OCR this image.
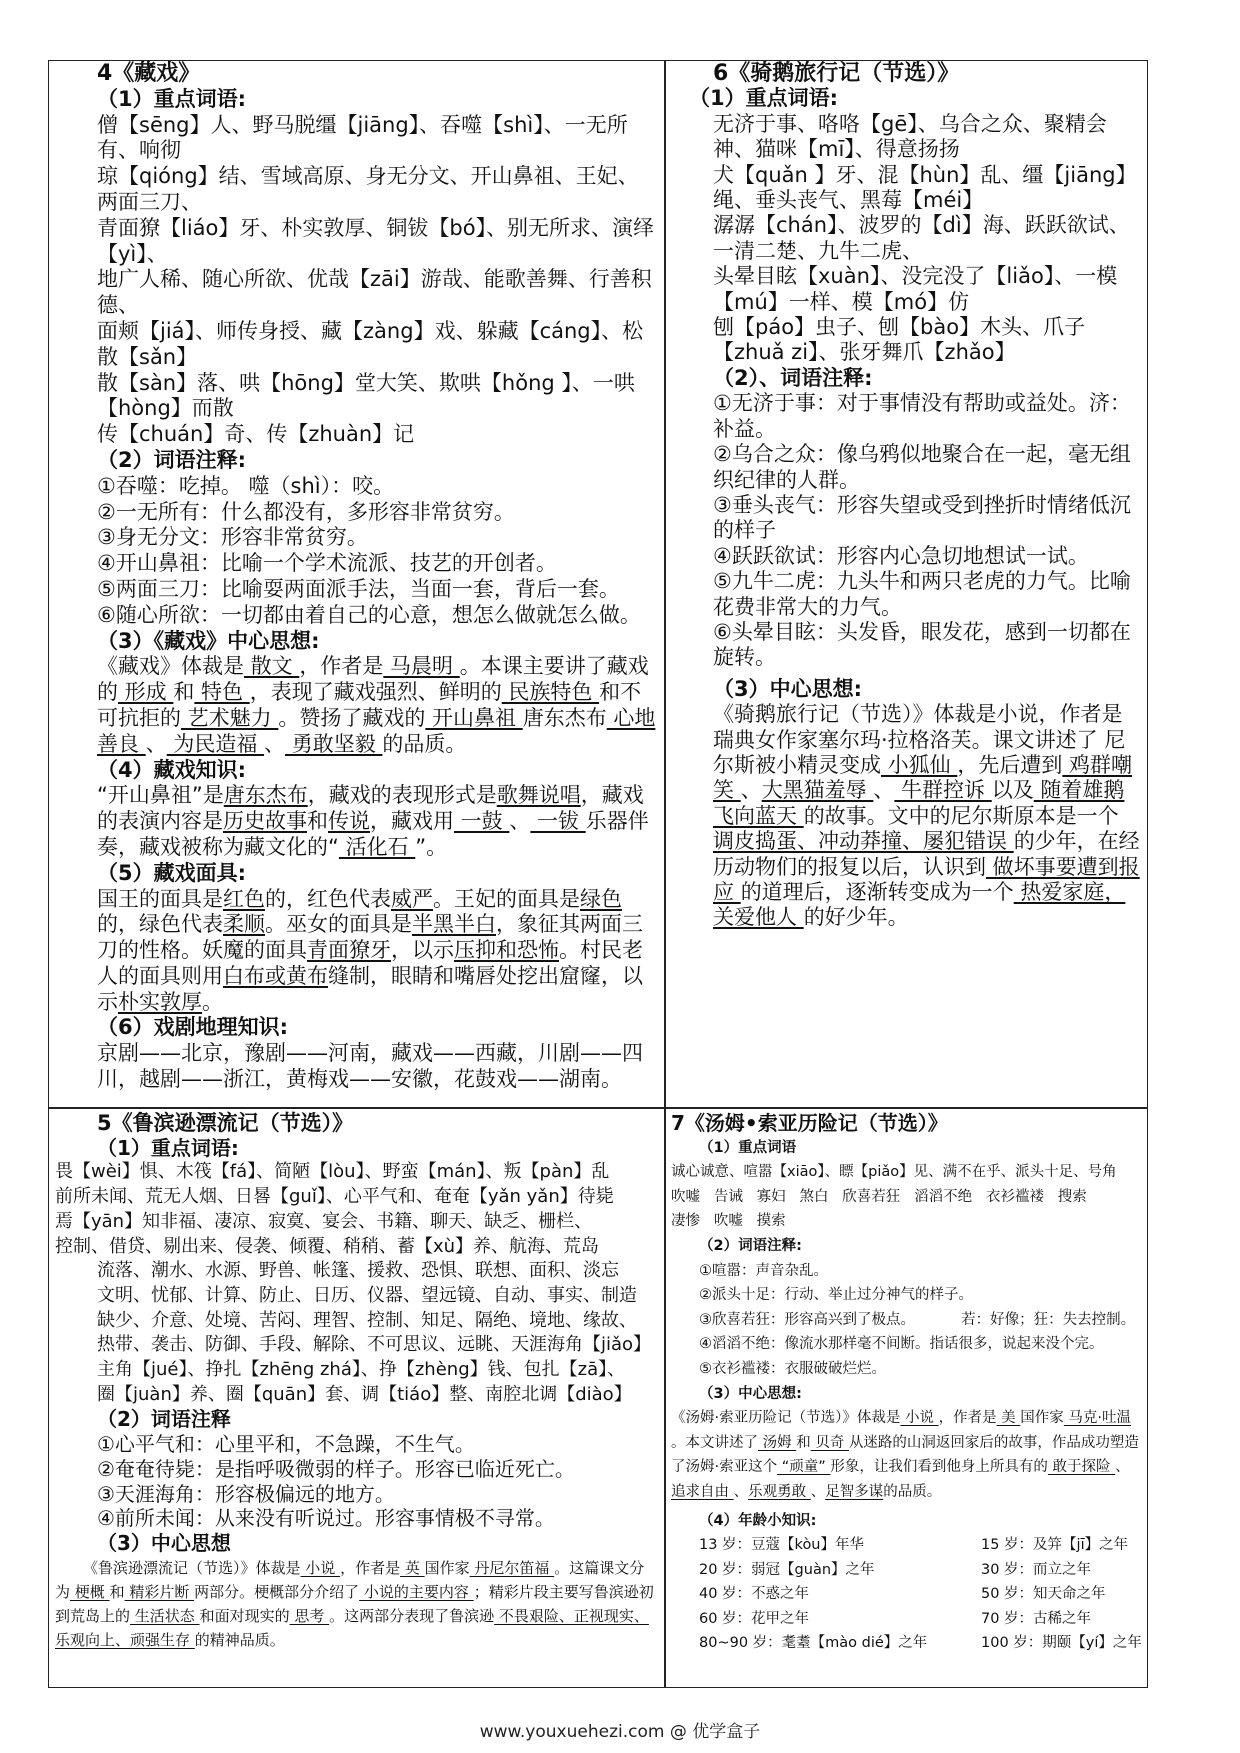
4《藏戏》

（1）重点词语:

僧【sēng】人、野马脱缰【jiāng】、吞噬【shì】、一无所有、响彻

琼【qióng】结、雪域高原、身无分文、开山鼻祖、王妃、两面三刀、

青面獠【liáo】牙、朴实敦厚、铜钹【bó】、别无所求、演绎【yì】、

地广人稀、随心所欲、优哉【zāi】游哉、能歌善舞、行善积德、

面颊【jiá】、师传身授、藏【zàng】戏、躲藏【cáng】、松散【sǎn】

散【sàn】落、哄【hōng】堂大笑、欺哄【hǒng 】、一哄【hòng】而散

传【chuán】奇、传【zhuàn】记

（2）词语注释:

①吞噬：吃掉。 噬（shì）：咬。

②一无所有：什么都没有，多形容非常贫穷。

③身无分文：形容非常贫穷。

④开山鼻祖：比喻一个学术流派、技艺的开创者。

⑤两面三刀：比喻耍两面派手法，当面一套，背后一套。

⑥随心所欲：一切都由着自己的心意，想怎么做就怎么做。

（3）《藏戏》中心思想:

《藏戏》体裁是 散文 ，作者是 马晨明 。本课主要讲了藏戏的 形成 和 特色 ，表现了藏戏强烈、鲜明的 民族特色 和不可抗拒的 艺术魅力 。赞扬了藏戏的 开山鼻祖 唐东杰布 心地善良 、 为民造福 、 勇敢坚毅 的品质。

（4）藏戏知识:

“开山鼻祖”是唐东杰布，藏戏的表现形式是歌舞说唱，藏戏的表演内容是历史故事和传说，藏戏用 一鼓 、 一钹 乐器伴奏，藏戏被称为藏文化的“ 活化石 ”。

（5）藏戏面具:

国王的面具是红色的，红色代表威严。王妃的面具是绿色的，绿色代表柔顺。巫女的面具是半黑半白，象征其两面三刀的性格。妖魔的面具青面獠牙，以示压抑和恐怖。村民老人的面具则用白布或黄布缝制，眼睛和嘴唇处挖出窟窿，以示朴实敦厚。

（6）戏剧地理知识:

京剧——北京，豫剧——河南，藏戏——西藏，川剧——四川，越剧——浙江，黄梅戏——安徽，花鼓戏——湖南。

6《骑鹅旅行记（节选）》

（1）重点词语:

无济于事、咯咯【gē】、乌合之众、聚精会神、猫咪【mī】、得意扬扬

犬【quǎn 】牙、混【hùn】乱、缰【jiāng】绳、垂头丧气、黑莓【méi】

潺潺【chán】、波罗的【dì】海、跃跃欲试、一清二楚、九牛二虎、

头晕目眩【xuàn】、没完没了【liǎo】、一模【mú】一样、模【mó】仿

刨【páo】虫子、刨【bào】木头、爪子【zhuǎ zi】、张牙舞爪【zhǎo】

（2）、词语注释:

①无济于事：对于事情没有帮助或益处。济：补益。

②乌合之众：像乌鸦似地聚合在一起，毫无组织纪律的人群。

③垂头丧气：形容失望或受到挫折时情绪低沉的样子

④跃跃欲试：形容内心急切地想试一试。

⑤九牛二虎：九头牛和两只老虎的力气。比喻花费非常大的力气。

⑥头晕目眩：头发昏，眼发花，感到一切都在旋转。

（3）中心思想:

《骑鹅旅行记（节选）》体裁是小说，作者是瑞典女作家塞尔玛·拉格洛芙。课文讲述了 尼尔斯被小精灵变成 小狐仙 ，先后遭到 鸡群嘲笑 、大黑猫羞辱 、 牛群控诉 以及 随着雄鹅飞向蓝天 的故事。文中的尼尔斯原本是一个 调皮捣蛋、冲动莽撞、屡犯错误 的少年，在经历动物们的报复以后，认识到 做坏事要遭到报应 的道理后，逐渐转变成为一个 热爱家庭，关爱他人 的好少年。

5《鲁滨逊漂流记（节选）》

（1）重点词语:

畏【wèi】惧、木筏【fá】、简陋【lòu】、野蛮【mán】、叛【pàn】乱

前所未闻、荒无人烟、日晷【guǐ】、心平气和、奄奄【yǎn yǎn】待毙

焉【yān】知非福、凄凉、寂寞、宴会、书籍、聊天、缺乏、栅栏、

控制、借贷、剔出来、侵袭、倾覆、稍稍、蓄【xù】养、航海、荒岛

流落、潮水、水源、野兽、帐篷、援救、恐惧、联想、面积、淡忘

文明、忧郁、计算、防止、日历、仪器、望远镜、自动、事实、制造

缺少、介意、处境、苦闷、理智、控制、知足、隔绝、境地、缘故、

热带、袭击、防御、手段、解除、不可思议、远眺、天涯海角【jiǎo】

主角【jué】、挣扎【zhēng zhá】、挣【zhèng】钱、包扎【zā】、

圈【juàn】养、圈【quān】套、调【tiáo】整、南腔北调【diào】

（2）词语注释

①心平气和：心里平和，不急躁，不生气。

②奄奄待毙：是指呼吸微弱的样子。形容已临近死亡。

③天涯海角：形容极偏远的地方。

④前所未闻：从来没有听说过。形容事情极不寻常。

（3）中心思想

《鲁滨逊漂流记（节选）》体裁是 小说 ，作者是 英 国作家 丹尼尔笛福 。这篇课文分为 梗概 和 精彩片断 两部分。梗概部分介绍了 小说的主要内容 ；精彩片段主要写鲁滨逊初到荒岛上的 生活状态 和面对现实的 思考 。这两部分表现了鲁滨逊 不畏艰险、正视现实、乐观向上、顽强生存 的精神品质。

7《汤姆•索亚历险记（节选）》

（1）重点词语

诚心诚意、喧嚣【xiāo】、瞟【piǎo】见、满不在乎、派头十足、号角

吹嘘   告诫   寡妇   煞白   欣喜若狂   滔滔不绝   衣衫褴褛   搜索

凄惨   吹嘘   摸索

（2）词语注释:

①喧嚣：声音杂乱。

②派头十足：行动、举止过分神气的样子。

③欣喜若狂：形容高兴到了极点。          若：好像；狂：失去控制。

④滔滔不绝：像流水那样毫不间断。指话很多，说起来没个完。

⑤衣衫褴褛：衣服破破烂烂。

（3）中心思想:

《汤姆·索亚历险记（节选）》体裁是 小说 ，作者是 美 国作家 马克·吐温 。本文讲述了 汤姆 和 贝奇 从迷路的山洞返回家后的故事，作品成功塑造了汤姆·索亚这个 “顽童” 形象，让我们看到他身上所具有的 敢于探险 、 追求自由 、乐观勇敢 、足智多谋的品质。

（4）年龄小知识:

13 岁：豆蔻【kòu】年华	15 岁：及笄【jī】之年
20 岁：弱冠【guàn】之年	30 岁：而立之年
40 岁：不惑之年	50 岁：知天命之年
60 岁：花甲之年	70 岁：古稀之年
80~90 岁：耄耋【mào dié】之年	100 岁：期颐【yí】之年
www.youxuehezi.com @ 优学盒子
